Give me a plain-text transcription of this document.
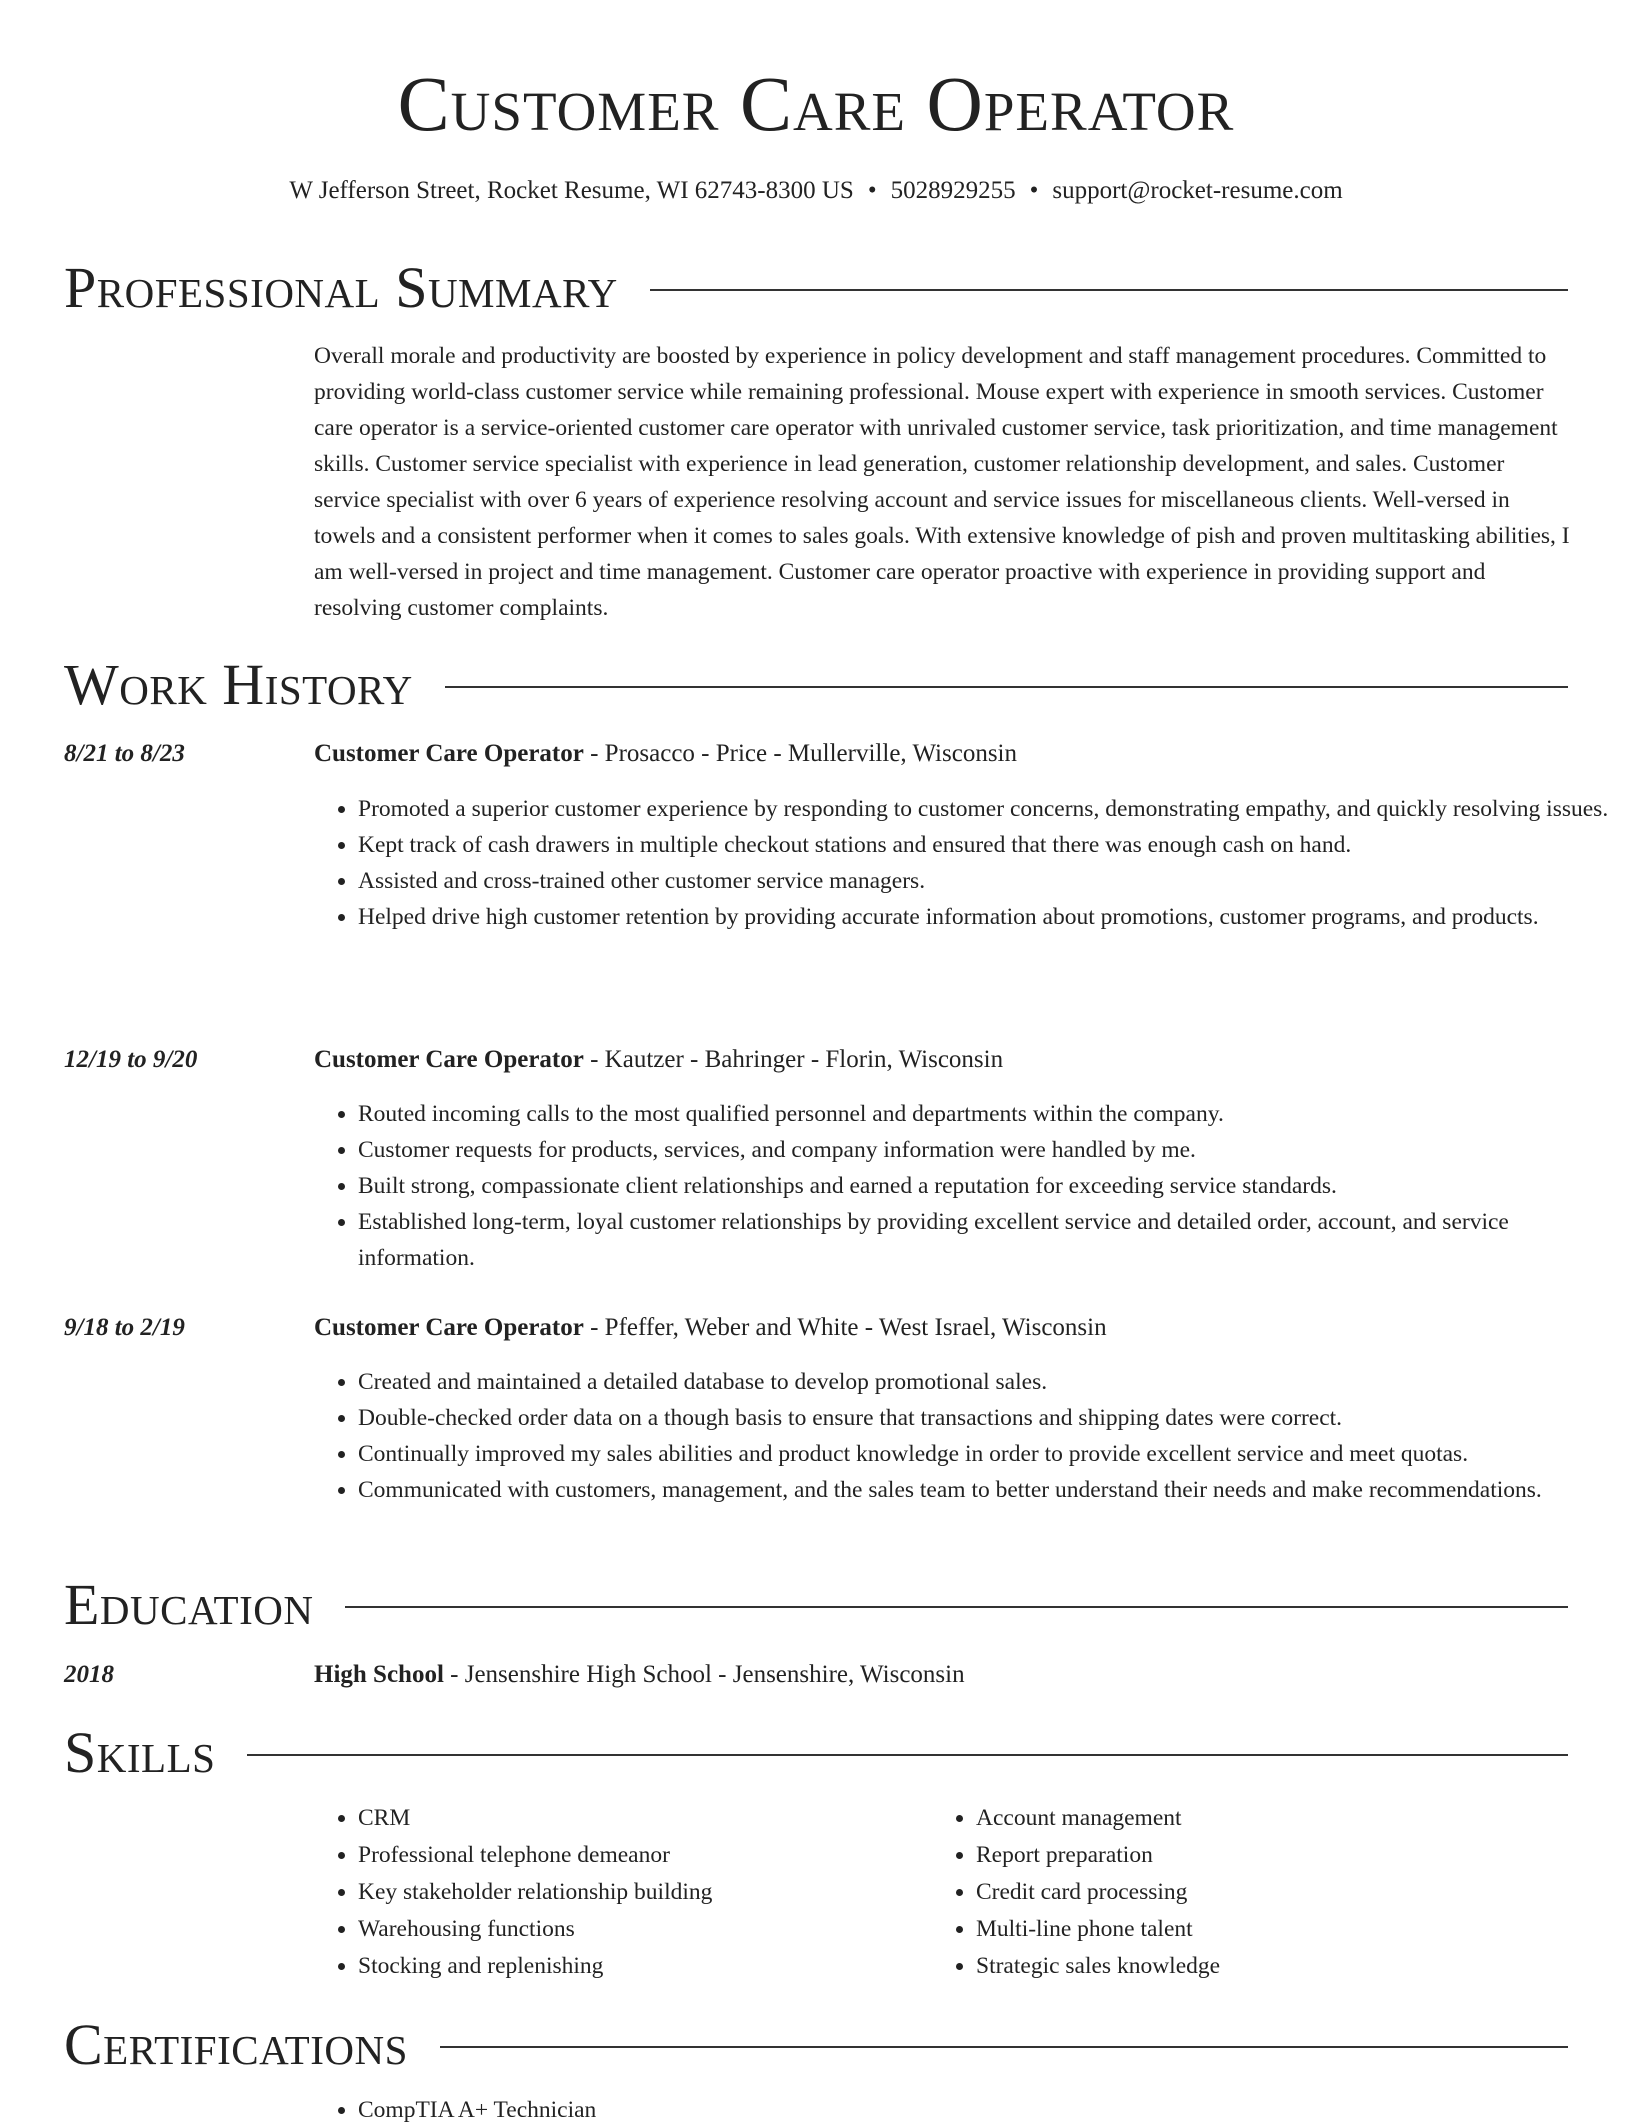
Customer Care Operator
W Jefferson Street, Rocket Resume, WI 62743-8300 US • 5028929255 • support@rocket-resume.com
Professional Summary
Overall morale and productivity are boosted by experience in policy development and staff management procedures. Committed to providing world-class customer service while remaining professional. Mouse expert with experience in smooth services. Customer care operator is a service-oriented customer care operator with unrivaled customer service, task prioritization, and time management skills. Customer service specialist with experience in lead generation, customer relationship development, and sales. Customer service specialist with over 6 years of experience resolving account and service issues for miscellaneous clients. Well-versed in towels and a consistent performer when it comes to sales goals. With extensive knowledge of pish and proven multitasking abilities, I am well-versed in project and time management. Customer care operator proactive with experience in providing support and resolving customer complaints.
Work History
8/21 to 8/23	Customer Care Operator - Prosacco - Price - Mullerville, Wisconsin
• Promoted a superior customer experience by responding to customer concerns, demonstrating empathy, and quickly resolving issues.
• Kept track of cash drawers in multiple checkout stations and ensured that there was enough cash on hand.
• Assisted and cross-trained other customer service managers.
• Helped drive high customer retention by providing accurate information about promotions, customer programs, and products.
12/19 to 9/20	Customer Care Operator - Kautzer - Bahringer - Florin, Wisconsin
• Routed incoming calls to the most qualified personnel and departments within the company.
• Customer requests for products, services, and company information were handled by me.
• Built strong, compassionate client relationships and earned a reputation for exceeding service standards.
• Established long-term, loyal customer relationships by providing excellent service and detailed order, account, and service information.
9/18 to 2/19	Customer Care Operator - Pfeffer, Weber and White - West Israel, Wisconsin
• Created and maintained a detailed database to develop promotional sales.
• Double-checked order data on a though basis to ensure that transactions and shipping dates were correct.
• Continually improved my sales abilities and product knowledge in order to provide excellent service and meet quotas.
• Communicated with customers, management, and the sales team to better understand their needs and make recommendations.
Education
2018	High School - Jensenshire High School - Jensenshire, Wisconsin
Skills
• CRM
• Professional telephone demeanor
• Key stakeholder relationship building
• Warehousing functions
• Stocking and replenishing
• Account management
• Report preparation
• Credit card processing
• Multi-line phone talent
• Strategic sales knowledge
Certifications
• CompTIA A+ Technician
